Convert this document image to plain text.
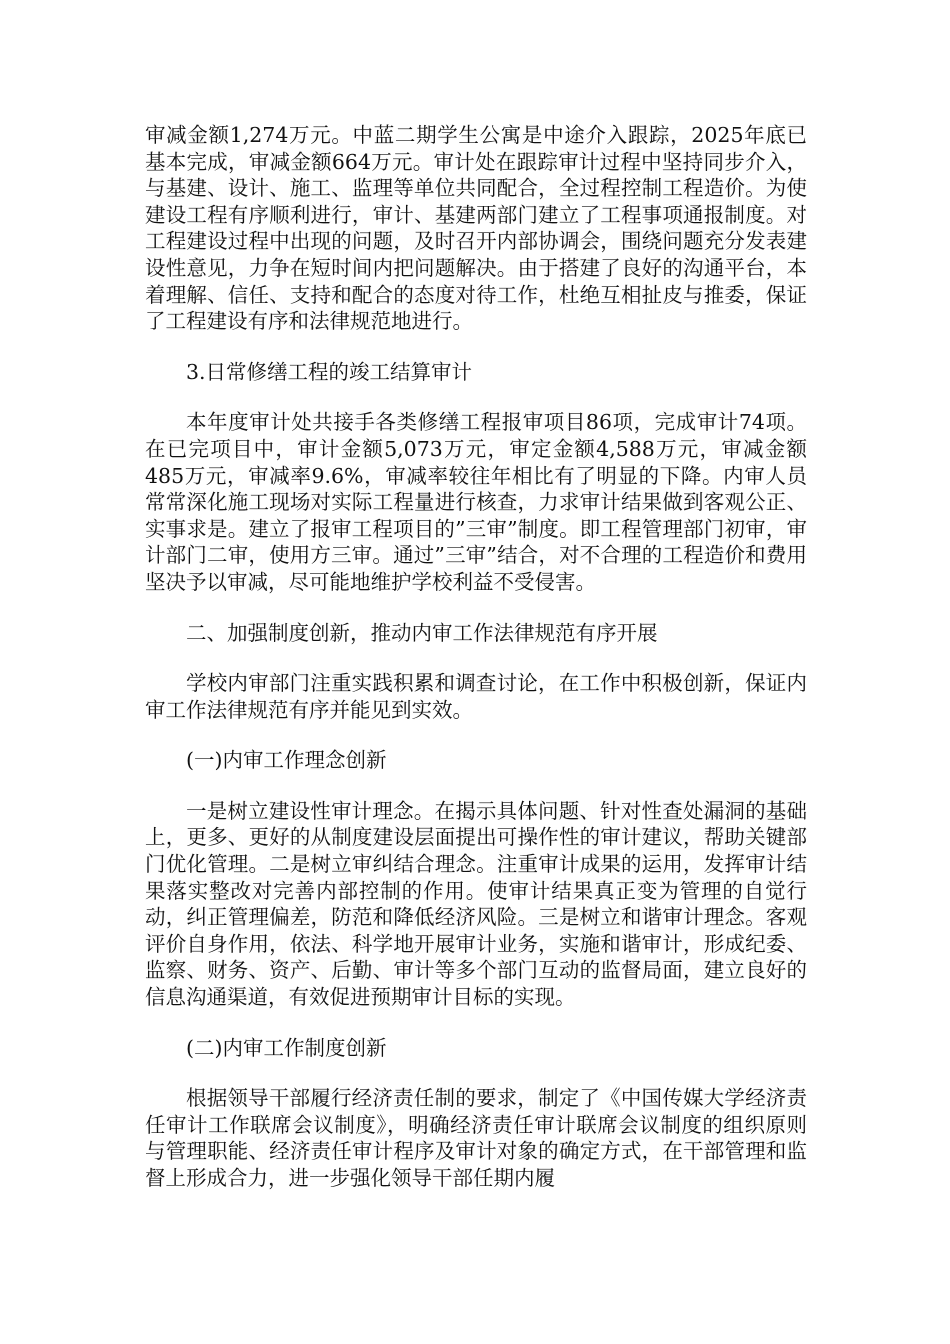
审减金额1,274万元。中蓝二期学生公寓是中途介入跟踪，2025年底已基本完成，审减金额664万元。审计处在跟踪审计过程中坚持同步介入，与基建、设计、施工、监理等单位共同配合，全过程控制工程造价。为使建设工程有序顺利进行，审计、基建两部门建立了工程事项通报制度。对工程建设过程中出现的问题，及时召开内部协调会，围绕问题充分发表建设性意见，力争在短时间内把问题解决。由于搭建了良好的沟通平台，本着理解、信任、支持和配合的态度对待工作，杜绝互相扯皮与推委，保证了工程建设有序和法律规范地进行。

3.日常修缮工程的竣工结算审计

本年度审计处共接手各类修缮工程报审项目86项，完成审计74项。在已完项目中，审计金额5,073万元，审定金额4,588万元，审减金额485万元，审减率9.6%，审减率较往年相比有了明显的下降。内审人员常常深化施工现场对实际工程量进行核查，力求审计结果做到客观公正、实事求是。建立了报审工程项目的”三审”制度。即工程管理部门初审，审计部门二审，使用方三审。通过”三审”结合，对不合理的工程造价和费用坚决予以审减，尽可能地维护学校利益不受侵害。

二、加强制度创新，推动内审工作法律规范有序开展

学校内审部门注重实践积累和调查讨论，在工作中积极创新，保证内审工作法律规范有序并能见到实效。

(一)内审工作理念创新

一是树立建设性审计理念。在揭示具体问题、针对性查处漏洞的基础上，更多、更好的从制度建设层面提出可操作性的审计建议，帮助关键部门优化管理。二是树立审纠结合理念。注重审计成果的运用，发挥审计结果落实整改对完善内部控制的作用。使审计结果真正变为管理的自觉行动，纠正管理偏差，防范和降低经济风险。三是树立和谐审计理念。客观评价自身作用，依法、科学地开展审计业务，实施和谐审计，形成纪委、监察、财务、资产、后勤、审计等多个部门互动的监督局面，建立良好的信息沟通渠道，有效促进预期审计目标的实现。

(二)内审工作制度创新

根据领导干部履行经济责任制的要求，制定了《中国传媒大学经济责任审计工作联席会议制度》，明确经济责任审计联席会议制度的组织原则与管理职能、经济责任审计程序及审计对象的确定方式，在干部管理和监督上形成合力，进一步强化领导干部任期内履
